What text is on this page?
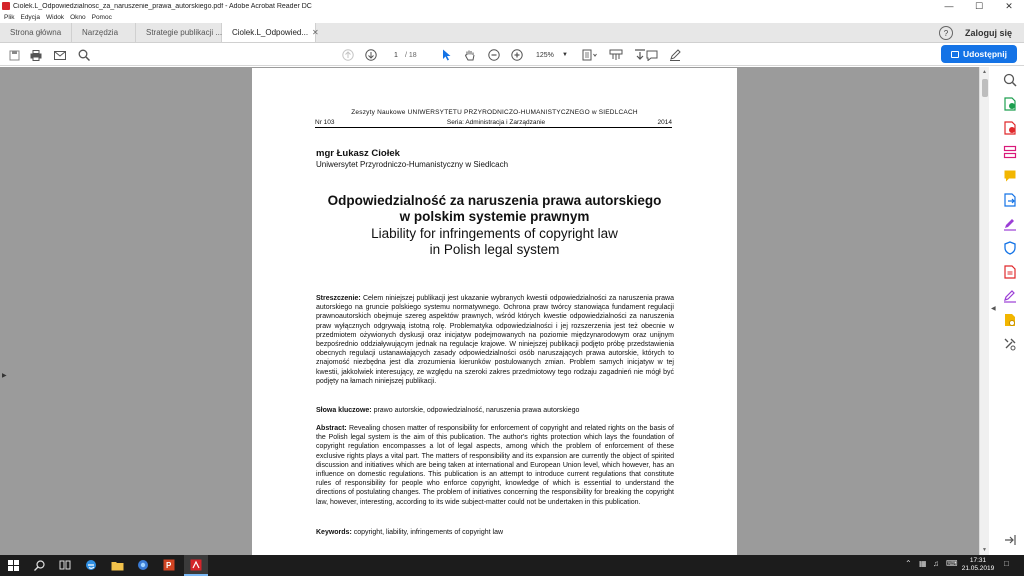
Ciolek.L_Odpowiedzialnosc_za_naruszenie_prawa_autorskiego.pdf - Adobe Acrobat Reader DC	—	☐	✕
Plik Edycja Widok Okno Pomoc
Strona główna	Narzędzia	Strategie publikacji ... Ciolek.L_Odpowied... ✕	?	Zaloguj się
1	/ 18	125% ▼	Udostępnij
▶
Zeszyty Naukowe UNIWERSYTETU PRZYRODNICZO-HUMANISTYCZNEGO w SIEDLCACH
Nr 103	Seria: Administracja i Zarządzanie	2014
mgr Łukasz Ciołek
Uniwersytet Przyrodniczo-Humanistyczny w Siedlcach
Odpowiedzialność za naruszenia prawa autorskiego
w polskim systemie prawnym
Liability for infringements of copyright law
in Polish legal system
Streszczenie: Celem niniejszej publikacji jest ukazanie wybranych kwestii odpowiedzialności za naruszenia prawa autorskiego na gruncie polskiego systemu normatywnego. Ochrona praw twórcy stanowiąca fundament regulacji prawnoautorskich obejmuje szereg aspektów prawnych, wśród których kwestie odpowiedzialności za naruszenia praw wyłącznych odgrywają istotną rolę. Problematyka odpowiedzialności i jej rozszerzenia jest też obecnie w przedmiotem ożywionych dyskusji oraz inicjatyw podejmowanych na poziomie międzynarodowym oraz unijnym bezpośrednio oddziaływującym jednak na regulacje krajowe. W niniejszej publikacji podjęto próbę przedstawienia obecnych regulacji ustanawiających zasady odpowiedzialności osób naruszających prawa autorskie, których to znajomość niezbędna jest dla zrozumienia kierunków postulowanych zmian. Problem samych inicjatyw w tej kwestii, jakkolwiek interesujący, ze względu na szeroki zakres przedmiotowy tego rodzaju zagadnień nie mógł być podjęty na łamach niniejszej publikacji.
Słowa kluczowe: prawo autorskie, odpowiedzialność, naruszenia prawa autorskiego
Abstract: Revealing chosen matter of responsibility for enforcement of copyright and related rights on the basis of the Polish legal system is the aim of this publication. The author's rights protection which lays the foundation of copyright regulation encompasses a lot of legal aspects, among which the problem of enforcement of these exclusive rights plays a vital part. The matters of responsibility and its expansion are currently the object of spirited discussion and initiatives which are being taken at international and European Union level, which however, has an influence on domestic regulations. This publication is an attempt to introduce current regulations that constitute rules of responsibility for people who enforce copyright, knowledge of which is essential to understand the directions of postulating changes. The problem of initiatives concerning the responsibility for breaking the copyright law, however, interesting, according to its wide subject-matter could not be undertaken in this publication.
Keywords: copyright, liability, infringements of copyright law
▲
▼
◀
P	⌃ ▦ ♫ ⌨	17:31
21.05.2019
□
